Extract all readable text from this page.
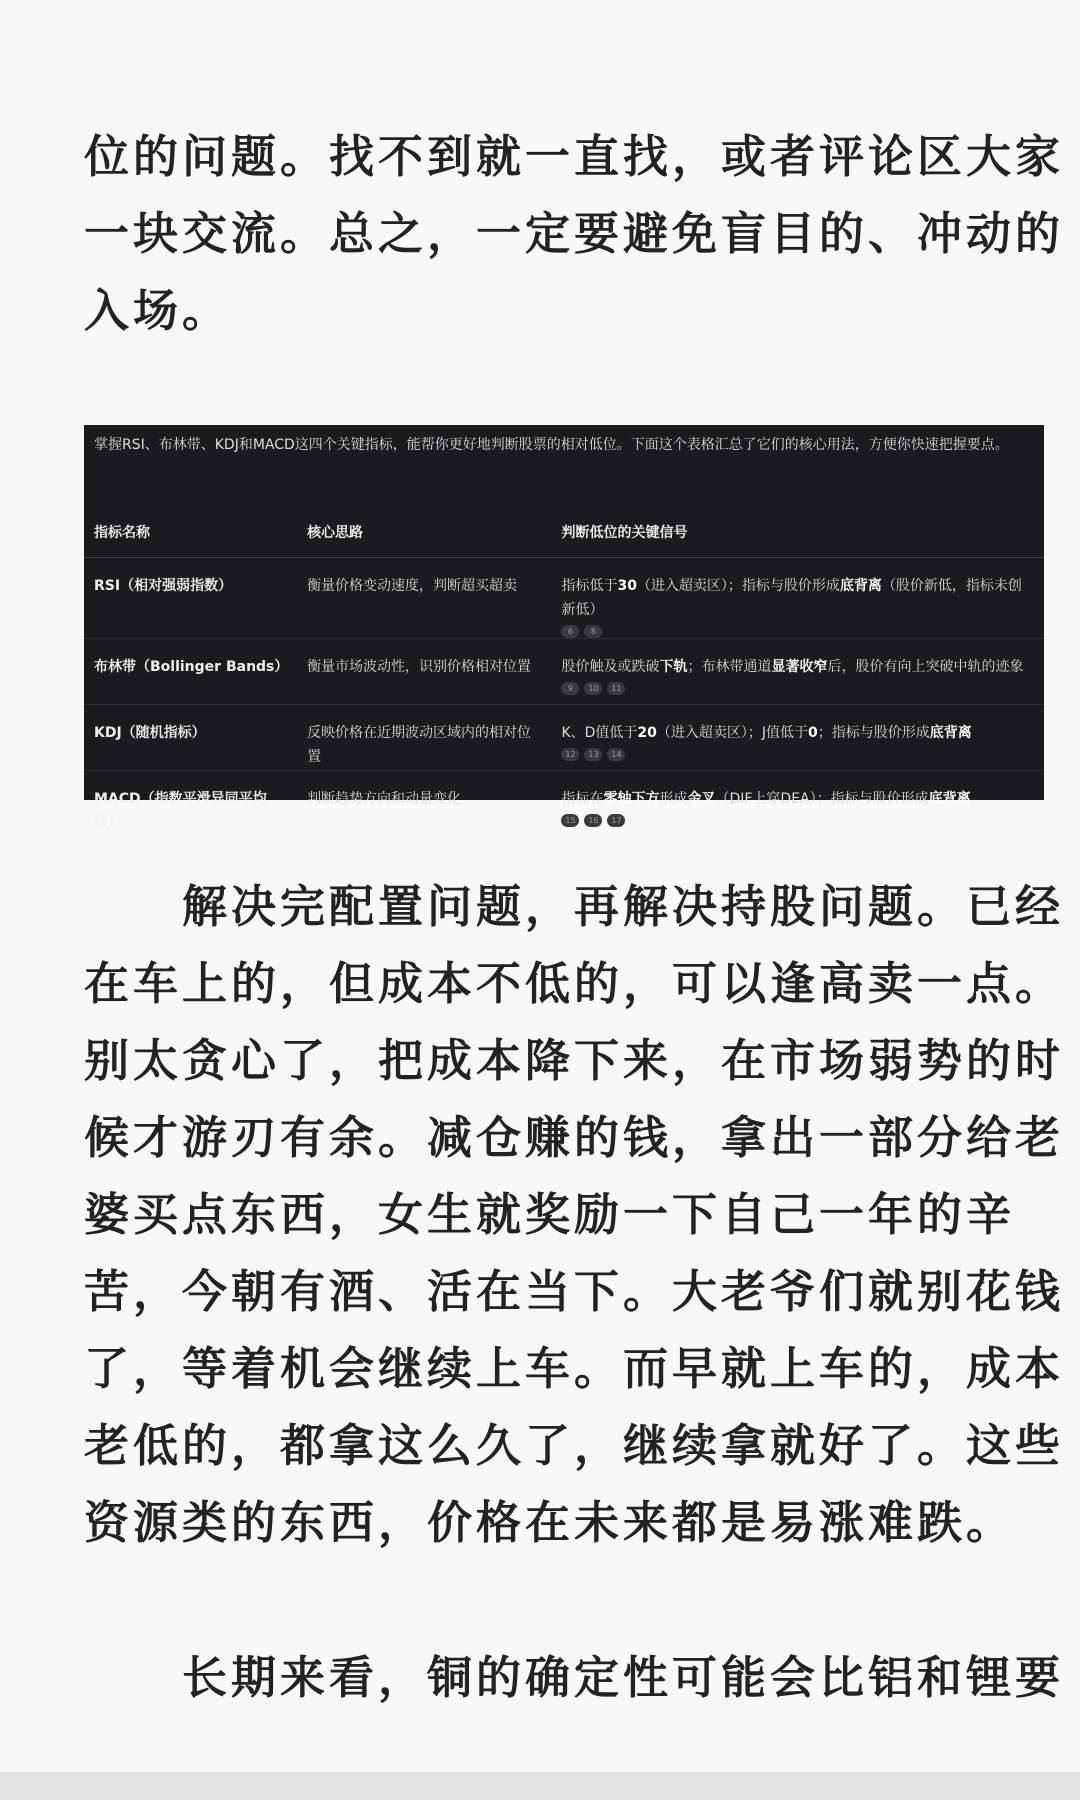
位的问题。找不到就一直找，或者评论区大家
一块交流。总之，一定要避免盲目的、冲动的
入场。
掌握RSI、布林带、KDJ和MACD这四个关键指标，能帮你更好地判断股票的相对低位。下面这个表格汇总了它们的核心用法，方便你快速把握要点。
指标名称	核心思路	判断低位的关键信号
RSI（相对强弱指数）	衡量价格变动速度，判断超买超卖	指标低于30（进入超卖区）；指标与股价形成底背离（股价新低，指标未创新低）
6 8

布林带（Bollinger Bands）	衡量市场波动性，识别价格相对位置	股价触及或跌破下轨；布林带通道显著收窄后，股价有向上突破中轨的迹象
9 10 11

KDJ（随机指标）	反映价格在近期波动区域内的相对位置	K、D值低于20（进入超卖区）；J值低于0；指标与股价形成底背离
12 13 14

MACD（指数平滑异同平均线）	判断趋势方向和动量变化	指标在零轴下方形成金叉（DIF上穿DEA）；指标与股价形成底背离
15 16 17
　　解决完配置问题，再解决持股问题。已经
在车上的，但成本不低的，可以逢高卖一点。
别太贪心了，把成本降下来，在市场弱势的时
候才游刃有余。减仓赚的钱，拿出一部分给老
婆买点东西，女生就奖励一下自己一年的辛
苦，今朝有酒、活在当下。大老爷们就别花钱
了，等着机会继续上车。而早就上车的，成本
老低的，都拿这么久了，继续拿就好了。这些
资源类的东西，价格在未来都是易涨难跌。
　　长期来看，铜的确定性可能会比铝和锂要
